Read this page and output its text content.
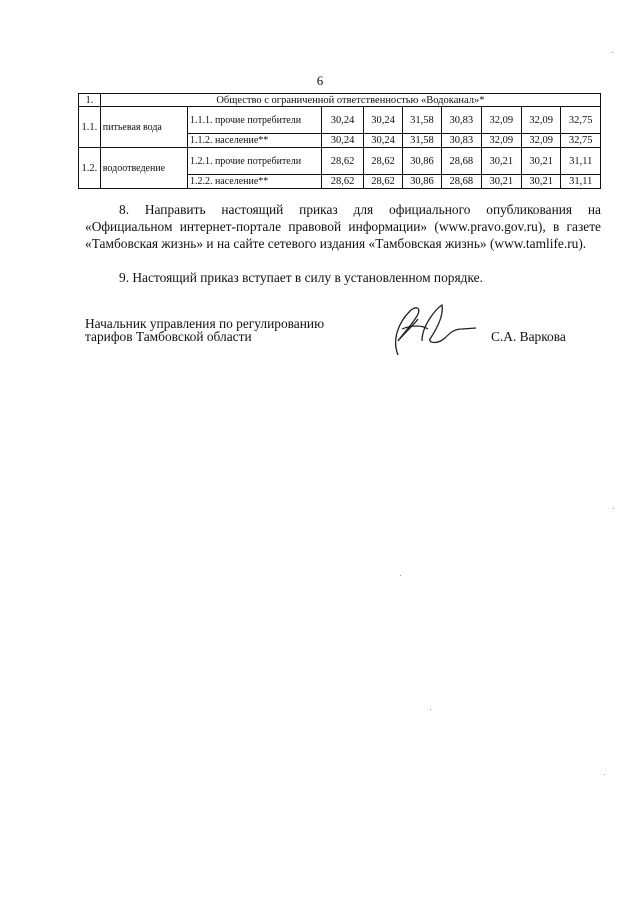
6
1.	Общество с ограниченной ответственностью «Водоканал»*								
1.1.	питьевая вода	1.1.1. прочие потребители	30,24	30,24	31,58	30,83	32,09	32,09	32,75
		1.1.2. население**	30,24	30,24	31,58	30,83	32,09	32,09	32,75
1.2.	водоотведение	1.2.1. прочие потребители	28,62	28,62	30,86	28,68	30,21	30,21	31,11
		1.2.2. население**	28,62	28,62	30,86	28,68	30,21	30,21	31,11
8. Направить настоящий приказ для официального опубликования на «Официальном интернет-портале правовой информации» (www.pravo.gov.ru), в газете «Тамбовская жизнь» и на сайте сетевого издания «Тамбовская жизнь» (www.tamlife.ru).
9. Настоящий приказ вступает в силу в установленном порядке.
Начальник управления по регулированию
тарифов Тамбовской области	С.А. Варкова
